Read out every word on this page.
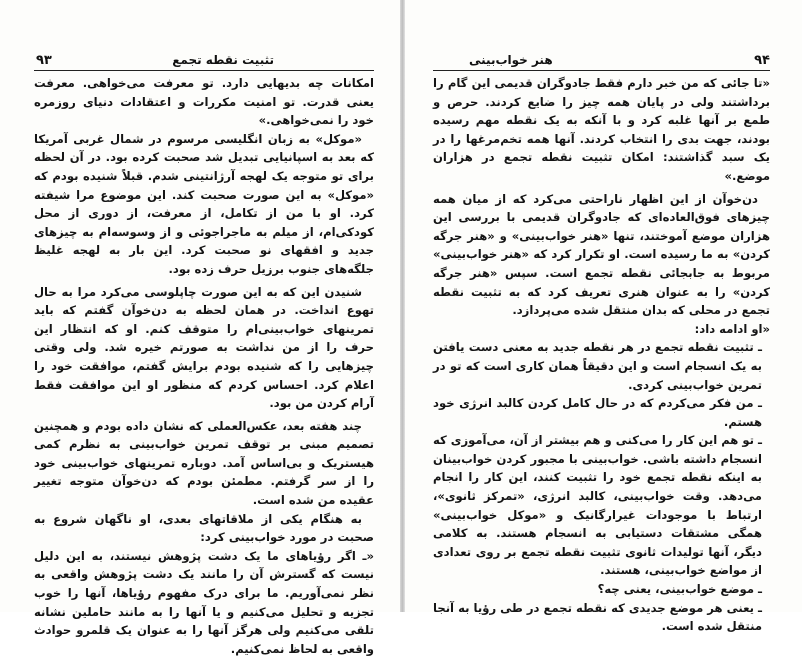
۹۴
هنر خواب‌بینی

«تا جائی که من خبر دارم فقط جادوگران قدیمی این گام را برداشتند ولی در پایان همه چیز را ضایع کردند. حرص و طمع بر آنها غلبه کرد و با آنکه به یک نقطه مهم رسیده بودند، جهت بدی را انتخاب کردند. آنها همه تخم‌مرغها را در یک سبد گذاشتند: امکان تثبیت نقطه تجمع در هزاران موضع.»

دن‌خوآن از این اظهار ناراحتی می‌کرد که از میان همه چیزهای فوق‌العاده‌ای که جادوگران قدیمی با بررسی این هزاران موضع آموختند، تنها «هنر خواب‌بینی» و «هنر جرگه کردن» به ما رسیده است. او تکرار کرد که «هنر خواب‌بینی» مربوط به جابجائی نقطه تجمع است. سپس «هنر جرگه کردن» را به عنوان هنری تعریف کرد که به تثبیت نقطه تجمع در محلی که بدان منتقل شده می‌پردازد.

«او ادامه داد:

ـ تثبیت نقطه تجمع در هر نقطه جدید به معنی دست یافتن به یک انسجام است و این دقیقاً همان کاری است که تو در تمرین خواب‌بینی کردی.

ـ من فکر می‌کردم که در حال کامل کردن کالبد انرژی خود هستم.

ـ تو هم این کار را می‌کنی و هم بیشتر از آن، می‌آموزی که انسجام داشته باشی. خواب‌بینی با مجبور کردن خواب‌بینان به اینکه نقطه تجمع خود را تثبیت کنند، این کار را انجام می‌دهد. وقت خواب‌بینی، کالبد انرژی، «تمرکز ثانوی»، ارتباط با موجودات غیرارگانیک و «موکل خواب‌بینی» همگی مشتقات دستیابی به انسجام هستند. به کلامی دیگر، آنها تولیدات ثانوی تثبیت نقطه تجمع بر روی تعدادی از مواضع خواب‌بینی، هستند.

ـ موضع خواب‌بینی، یعنی چه؟

ـ یعنی هر موضع جدیدی که نقطه تجمع در طی رؤیا به آنجا منتقل شده است.

تثبیت نقطه تجمع
۹۳

امکانات چه بدیهایی دارد. تو معرفت می‌خواهی. معرفت یعنی قدرت. تو امنیت مکررات و اعتقادات دنیای روزمره خود را نمی‌خواهی.»

«موکل» به زبان انگلیسی مرسوم در شمال غربی آمریکا که بعد به اسپانیایی تبدیل شد صحبت کرده بود. در آن لحظه برای تو متوجه یک لهجه آرژانتینی شدم. قبلاً شنیده بودم که «موکل» به این صورت صحبت کند. این موضوع مرا شیفته کرد. او با من از تکامل، از معرفت، از دوری از محل کودکی‌ام، از میلم به ماجراجوئی و از وسوسه‌ام به چیزهای جدید و افقهای نو صحبت کرد. این بار به لهجه غلیظ جلگه‌های جنوب برزیل حرف زده بود.

شنیدن این که به این صورت چاپلوسی می‌کرد مرا به حال تهوع انداخت. در همان لحظه به دن‌خوآن گفتم که باید تمرینهای خواب‌بینی‌ام را متوقف کنم. او که انتظار این حرف را از من نداشت به صورتم خیره شد. ولی وقتی چیزهایی را که شنیده بودم برایش گفتم، موافقت خود را اعلام کرد. احساس کردم که منظور او این موافقت فقط آرام کردن من بود.

چند هفته بعد، عکس‌العملی که نشان داده بودم و همچنین تصمیم مبنی بر توقف تمرین خواب‌بینی به نظرم کمی هیستریک و بی‌اساس آمد. دوباره تمرینهای خواب‌بینی خود را از سر گرفتم. مطمئن بودم که دن‌خوآن متوجه تغییر عقیده من شده است.

به هنگام یکی از ملاقاتهای بعدی، او ناگهان شروع به صحبت در مورد خواب‌بینی کرد:

«ـ اگر رؤیاهای ما یک دشت پژوهش نیستند، به این دلیل نیست که گسترش آن را مانند یک دشت پژوهش واقعی به نظر نمی‌آوریم. ما برای درک مفهوم رؤیاها، آنها را خوب تجزیه و تحلیل می‌کنیم و یا آنها را به مانند حاملین نشانه تلقی می‌کنیم ولی هرگز آنها را به عنوان یک قلمرو حوادث واقعی به لحاظ نمی‌کنیم.
